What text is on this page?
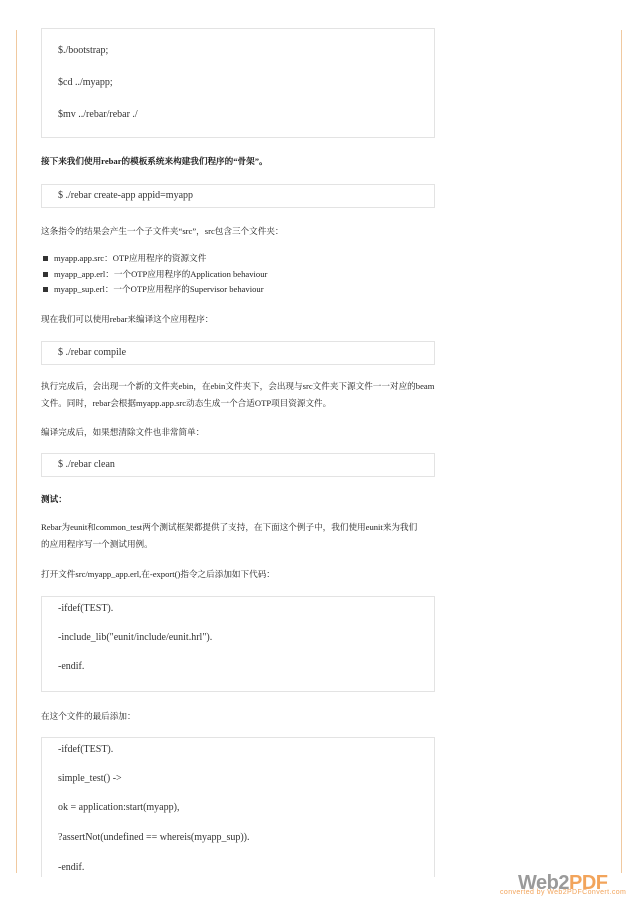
$./bootstrap;
$cd ../myapp;
$mv ../rebar/rebar ./
接下来我们使用rebar的模板系统来构建我们程序的“骨架”。
$ ./rebar create-app appid=myapp
这条指令的结果会产生一个子文件夹“src”，src包含三个文件夹：
myapp.app.src：OTP应用程序的资源文件
myapp_app.erl：一个OTP应用程序的Application behaviour
myapp_sup.erl：一个OTP应用程序的Supervisor behaviour
现在我们可以使用rebar来编译这个应用程序：
$ ./rebar compile
执行完成后，会出现一个新的文件夹ebin，在ebin文件夹下，会出现与src文件夹下源文件一一对应的beam
文件。同时，rebar会根据myapp.app.src动态生成一个合适OTP项目资源文件。
编译完成后，如果想清除文件也非常简单：
$ ./rebar clean
测试：
Rebar为eunit和common_test两个测试框架都提供了支持，在下面这个例子中，我们使用eunit来为我们
的应用程序写一个测试用例。
打开文件src/myapp_app.erl,在-export()指令之后添加如下代码：
-ifdef(TEST).
-include_lib("eunit/include/eunit.hrl").
-endif.
在这个文件的最后添加：
-ifdef(TEST).
simple_test() ->
ok = application:start(myapp),
?assertNot(undefined == whereis(myapp_sup)).
-endif.
Web2PDF
converted by Web2PDFConvert.com
